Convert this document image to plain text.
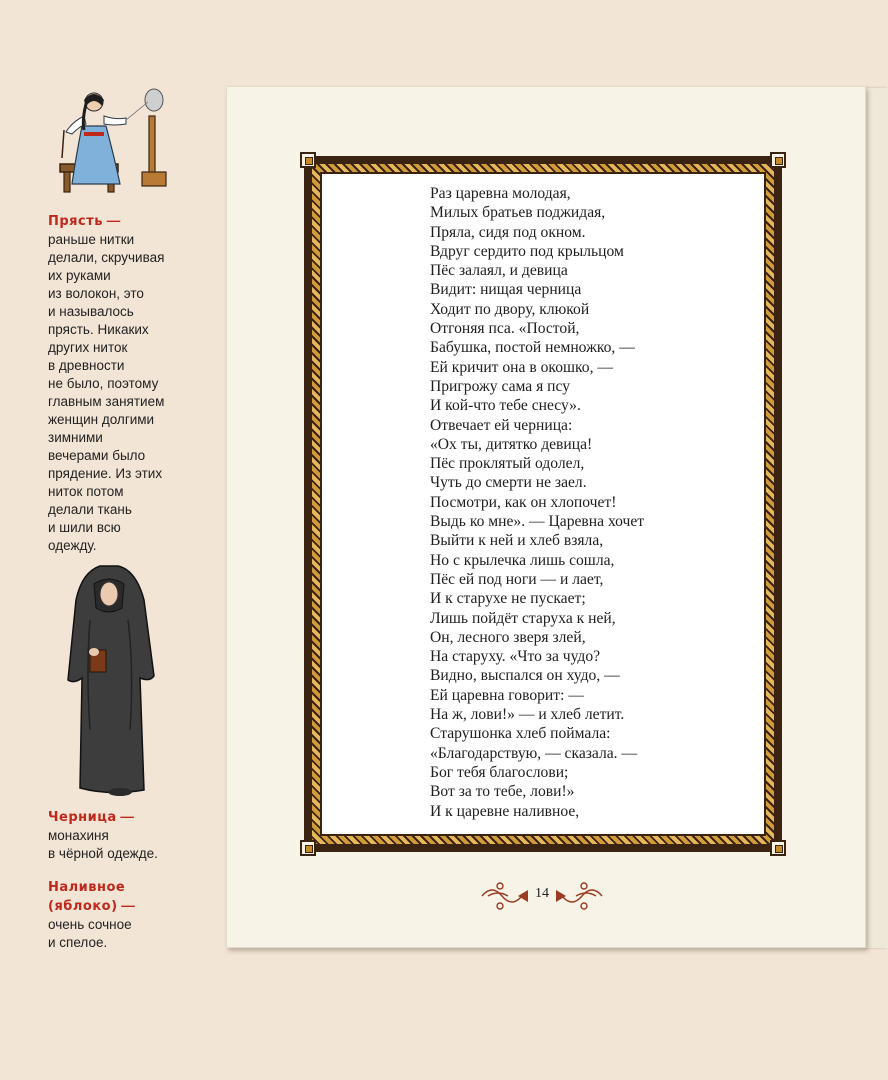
Прясть —
раньше нитки
делали, скручивая
их руками
из волокон, это
и называлось
прясть. Никаких
других ниток
в древности
не было, поэтому
главным занятием
женщин долгими
зимними
вечерами было
прядение. Из этих
ниток потом
делали ткань
и шили всю
одежду.
Черница —
монахиня
в чёрной одежде.
Наливное
(яблоко) —
очень сочное
и спелое.
Раз царевна молодая,
Милых братьев поджидая,
Пряла, сидя под окном.
Вдруг сердито под крыльцом
Пёс залаял, и девица
Видит: нищая черница
Ходит по двору, клюкой
Отгоняя пса. «Постой,
Бабушка, постой немножко, —
Ей кричит она в окошко, —
Пригрожу сама я псу
И кой-что тебе снесу».
Отвечает ей черница:
«Ох ты, дитятко девица!
Пёс проклятый одолел,
Чуть до смерти не заел.
Посмотри, как он хлопочет!
Выдь ко мне». — Царевна хочет
Выйти к ней и хлеб взяла,
Но с крылечка лишь сошла,
Пёс ей под ноги — и лает,
И к старухе не пускает;
Лишь пойдёт старуха к ней,
Он, лесного зверя злей,
На старуху. «Что за чудо?
Видно, выспался он худо, —
Ей царевна говорит: —
На ж, лови!» — и хлеб летит.
Старушонка хлеб поймала:
«Благодарствую, — сказала. —
Бог тебя благослови;
Вот за то тебе, лови!»
И к царевне наливное,
14
